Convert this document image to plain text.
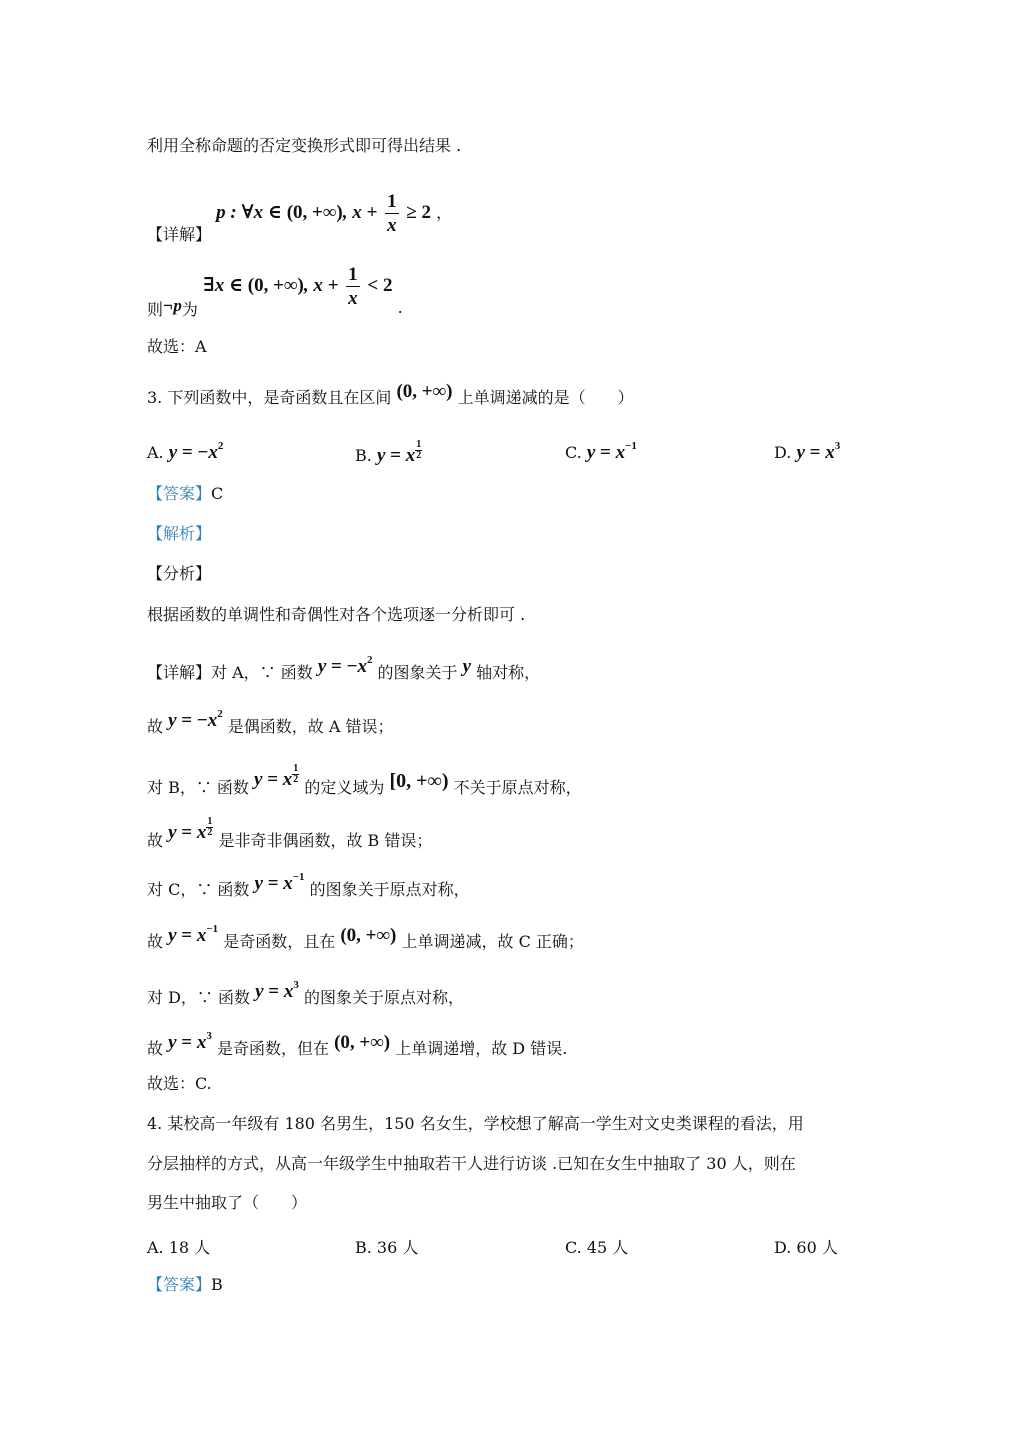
利用全称命题的否定变换形式即可得出结果 .
【详解】 p : ∀x ∈ (0, +∞), $x + \frac{1}{x} \ge 2$ ，
则¬p为 ∃x ∈ (0, +∞), $x + \frac{1}{x} < 2$ .
故选：A
3. 下列函数中，是奇函数且在区间 (0, +∞) 上单调递减的是（　　）
A. $y = -x^2$	B. y = x $\frac{1}{2}$	C. $y = x^{-1}$	D. $y = x^3$
【答案】C
【解析】
【分析】
根据函数的单调性和奇偶性对各个选项逐一分析即可 .
【详解】对 A，∵ 函数 $y = -x^2$ 的图象关于 y 轴对称，
故 $y = -x^2$ 是偶函数，故 A 错误；
对 B，∵ 函数 y = x $\frac{1}{2}$
的定义域为 [0, +∞) 不关于原点对称，
故 y = x $\frac{1}{2}$
是非奇非偶函数，故 B 错误；
对 C，∵ 函数 $y = x^{-1}$ 的图象关于原点对称，
故 $y = x^{-1}$ 是奇函数，且在 (0, +∞) 上单调递减，故 C 正确；
对 D，∵ 函数 $y = x^3$ 的图象关于原点对称，
故 $y = x^3$ 是奇函数，但在 (0, +∞) 上单调递增，故 D 错误.
故选：C.
4. 某校高一年级有 180 名男生，150 名女生，学校想了解高一学生对文史类课程的看法，用
分层抽样的方式，从高一年级学生中抽取若干人进行访谈 .已知在女生中抽取了 30 人，则在
男生中抽取了（　　）
A. 18 人	B. 36 人	C. 45 人	D. 60 人
【答案】B
